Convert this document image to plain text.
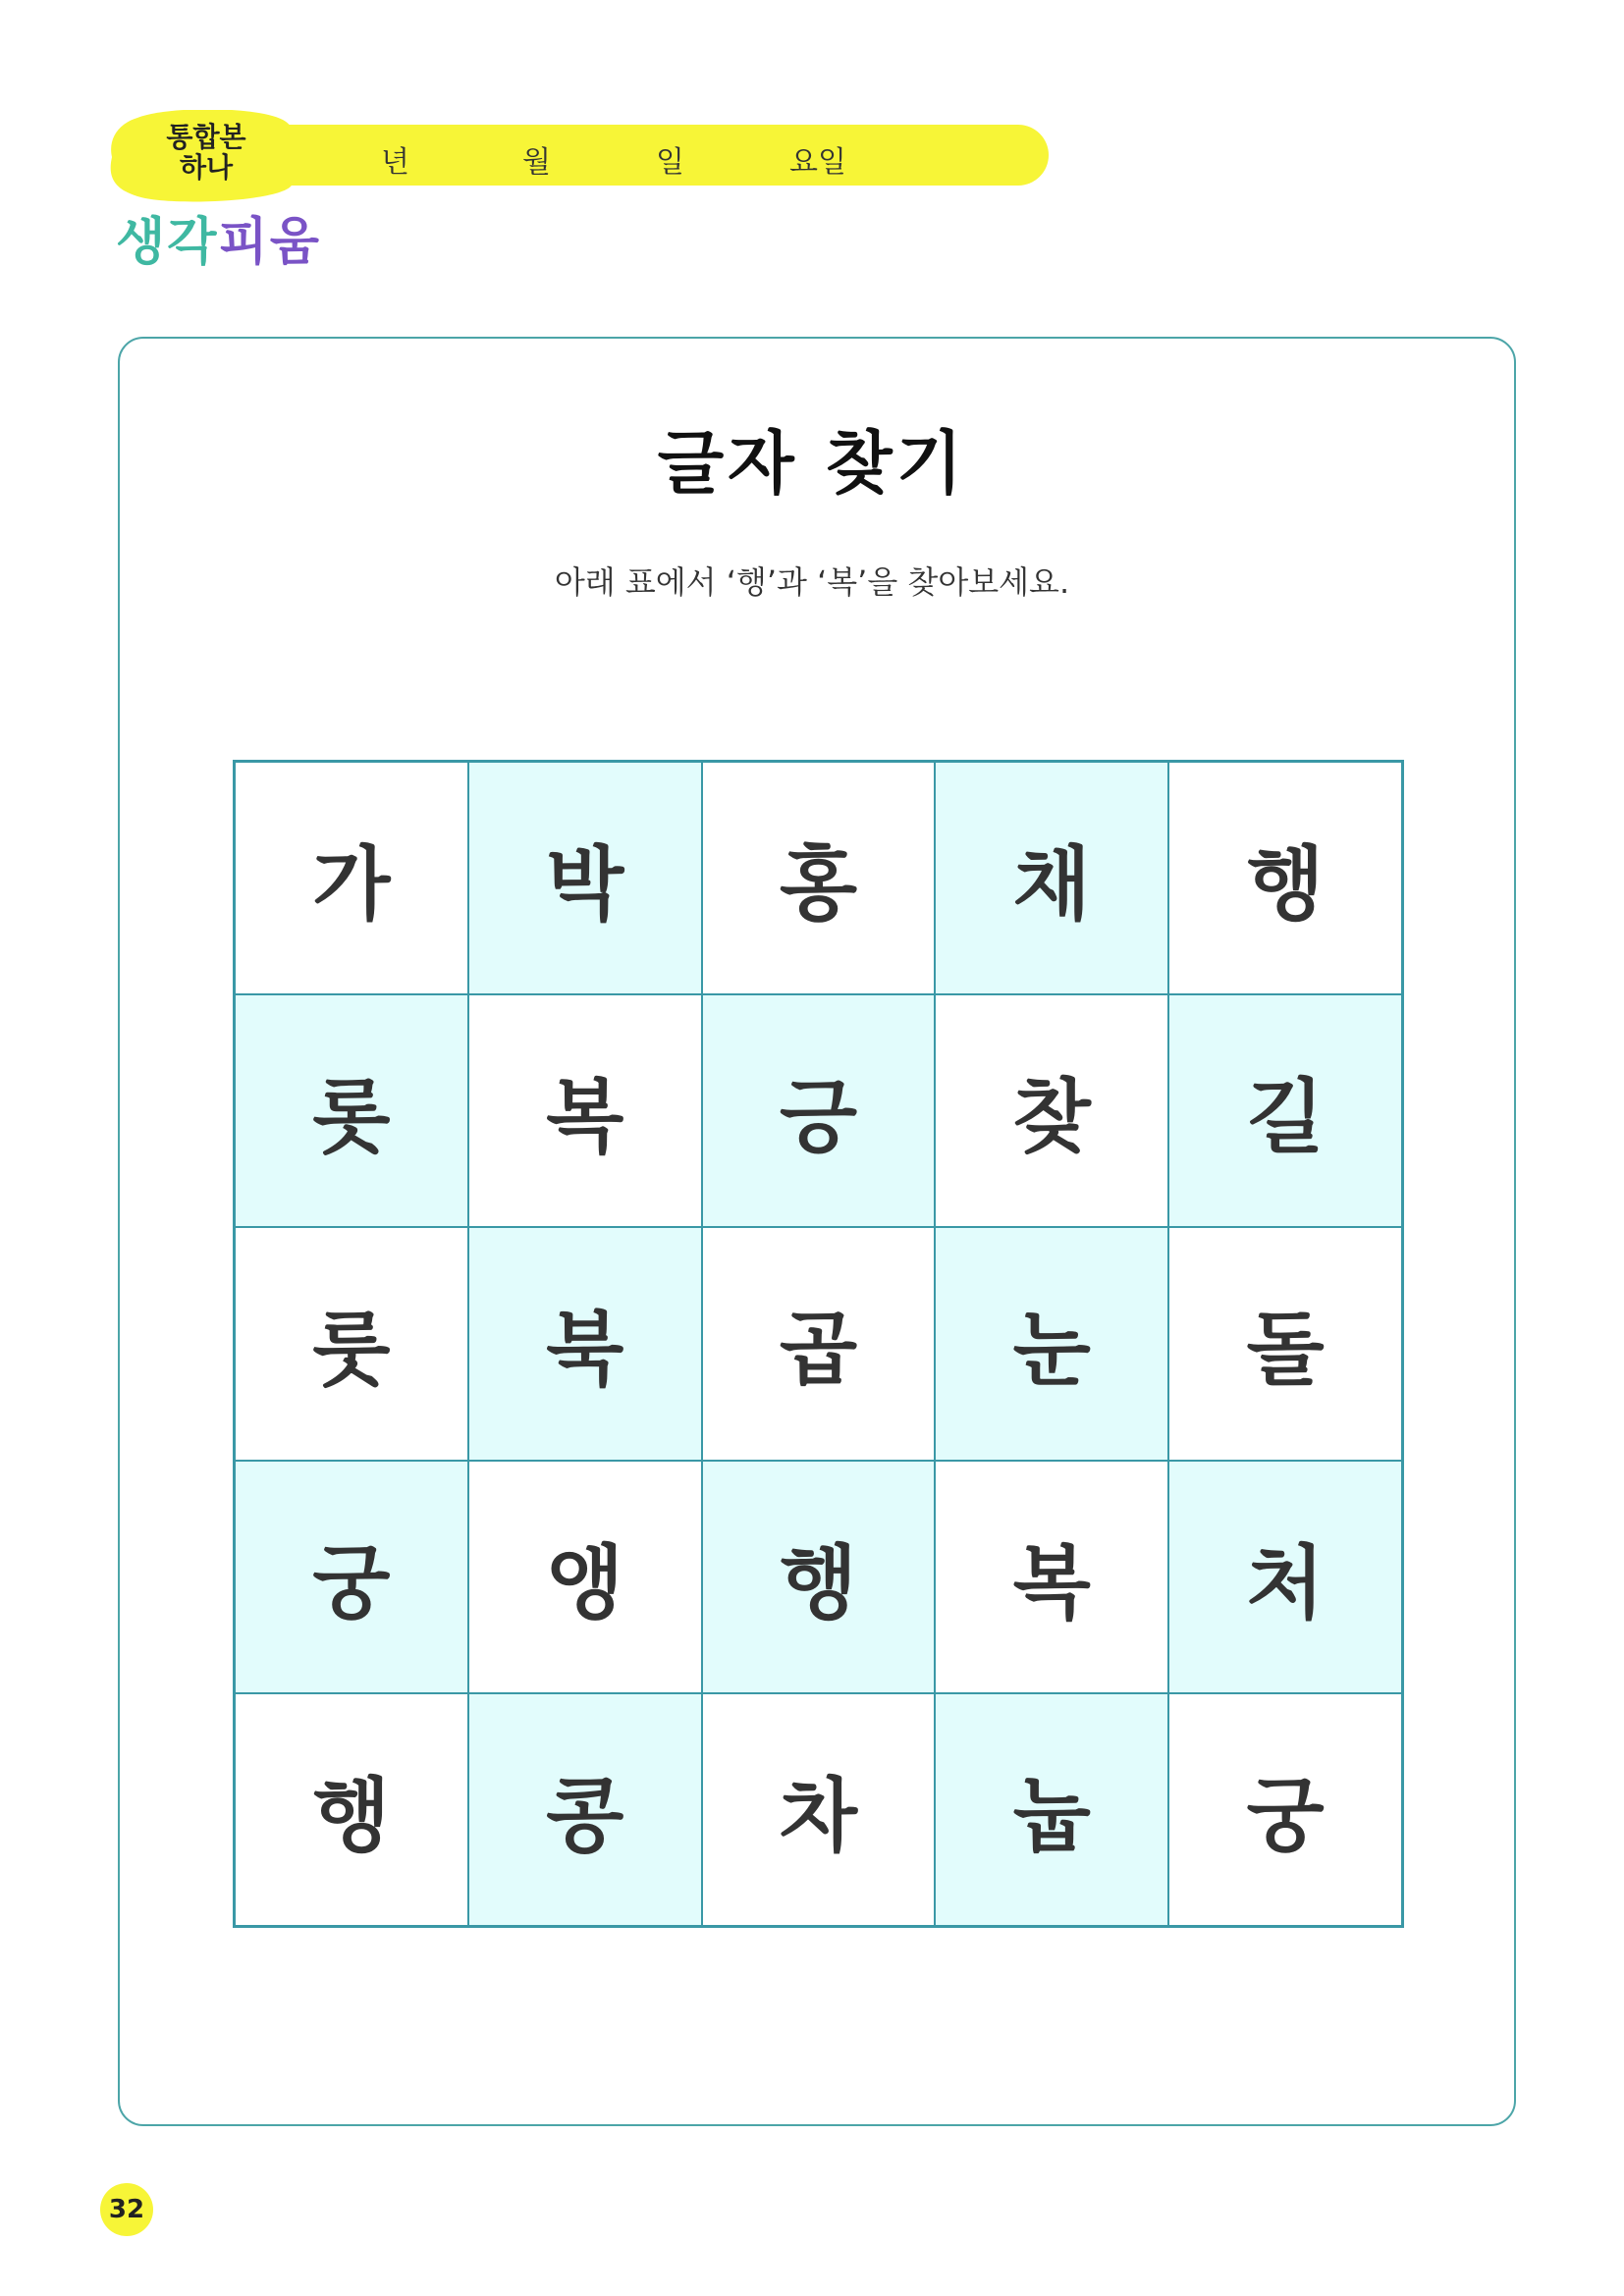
통합본
하나	년	월	일	요일
생각피움
글자 찾기
아래 표에서 ‘행’과 ‘복’을 찾아보세요.
가	박	홍	채	행
롯	복	긍	찾	길
룻	북	곱	눈	돌
궁	앵	행	복	처
행	콩	차	눕	궁
32
